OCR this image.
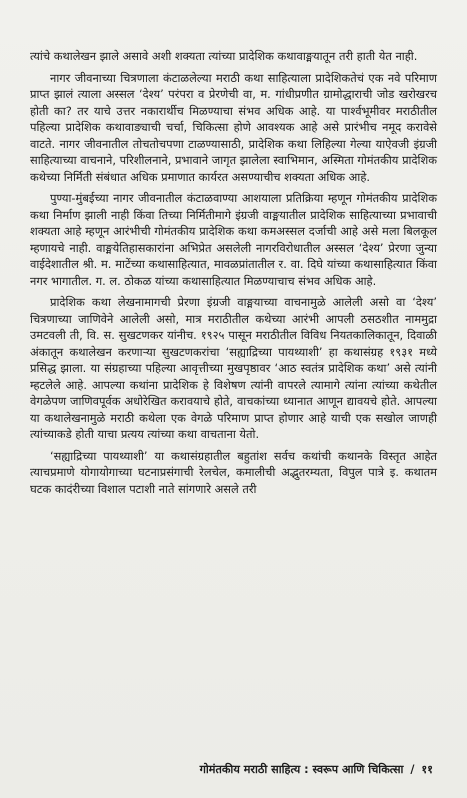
त्यांचे कथालेखन झाले असावे अशी शक्यता त्यांच्या प्रादेशिक कथावाङ्मयातून तरी हाती येत नाही.

नागर जीवनाच्या चित्रणाला कंटाळलेल्या मराठी कथा साहित्याला प्रादेशिकतेचं एक नवे परिमाण प्राप्त झालं त्याला अस्सल ‘देश्य’ परंपरा व प्रेरणेची वा, म. गांधीप्रणीत ग्रामोद्धाराची जोड खरोखरच होती का? तर याचे उत्तर नकारार्थीच मिळण्याचा संभव अधिक आहे. या पार्श्वभूमीवर मराठीतील पहिल्या प्रादेशिक कथावाङ्याची चर्चा, चिकित्सा होणे आवश्यक आहे असे प्रारंभीच नमूद करावेसे वाटते. नागर जीवनातील तोचतोचपणा टाळण्यासाठी, प्रादेशिक कथा लिहिल्या गेल्या याऐवजी इंग्रजी साहित्याच्या वाचनाने, परिशीलनाने, प्रभावाने जागृत झालेला स्वाभिमान, अस्मिता गोमंतकीय प्रादेशिक कथेच्या निर्मिती संबंधात अधिक प्रमाणात कार्यरत असण्याचीच शक्यता अधिक आहे.

पुण्या-मुंबईच्या नागर जीवनातील कंटाळवाण्या आशयाला प्रतिक्रिया म्हणून गोमंतकीय प्रादेशिक कथा निर्माण झाली नाही किंवा तिच्या निर्मितीमागे इंग्रजी वाङ्मयातील प्रादेशिक साहित्याच्या प्रभावाची शक्यता आहे म्हणून आरंभीची गोमंतकीय प्रादेशिक कथा कमअस्सल दर्जाची आहे असे मला बिलकूल म्हणायचे नाही. वाङ्मयेतिहासकारांना अभिप्रेत असलेली नागरविरोधातील अस्सल ‘देश्य’ प्रेरणा जुन्या वाईदेशातील श्री. म. माटेंच्या कथासाहित्यात, मावळप्रांतातील र. वा. दिघे यांच्या कथासाहित्यात किंवा नगर भागातील. ग. ल. ठोकळ यांच्या कथासाहित्यात मिळण्याचाच संभव अधिक आहे.

प्रादेशिक कथा लेखनामागची प्रेरणा इंग्रजी वाङ्मयाच्या वाचनामुळे आलेली असो वा ‘देश्य’ चित्रणाच्या जाणिवेने आलेली असो, मात्र मराठीतील कथेच्या आरंभी आपली ठसठशीत नाममुद्रा उमटवली ती, वि. स. सुखटणकर यांनीच. १९२५ पासून मराठीतील विविध नियतकालिकातून, दिवाळी अंकातून कथालेखन करणाऱ्या सुखटणकरांचा ‘सह्याद्रिच्या पायथ्याशी’ हा कथासंग्रह १९३१ मध्ये प्रसिद्ध झाला. या संग्रहाच्या पहिल्या आवृत्तीच्या मुखपृष्ठावर ‘आठ स्वतंत्र प्रादेशिक कथा’ असे त्यांनी म्हटलेले आहे. आपल्या कथांना प्रादेशिक हे विशेषण त्यांनी वापरले त्यामागे त्यांना त्यांच्या कथेतील वेगळेपण जाणिवपूर्वक अधोरेखित करावयाचे होते, वाचकांच्या ध्यानात आणून द्यावयचे होते. आपल्या या कथालेखनामुळे मराठी कथेला एक वेगळे परिमाण प्राप्त होणार आहे याची एक सखोल जाणही त्यांच्याकडे होती याचा प्रत्यय त्यांच्या कथा वाचताना येतो.

‘सह्याद्रिच्या पायथ्याशी’ या कथासंग्रहातील बहुतांश सर्वच कथांची कथानके विस्तृत आहेत त्याचप्रमाणे योगायोगाच्या घटनाप्रसंगाची रेलचेल, कमालीची अद्भुतरम्यता, विपुल पात्रे इ. कथातम घटक कादंरीच्या विशाल पटाशी नाते सांगणारे असले तरी

गोमंतकीय मराठी साहित्य : स्वरूप आणि चिकित्सा / ११
